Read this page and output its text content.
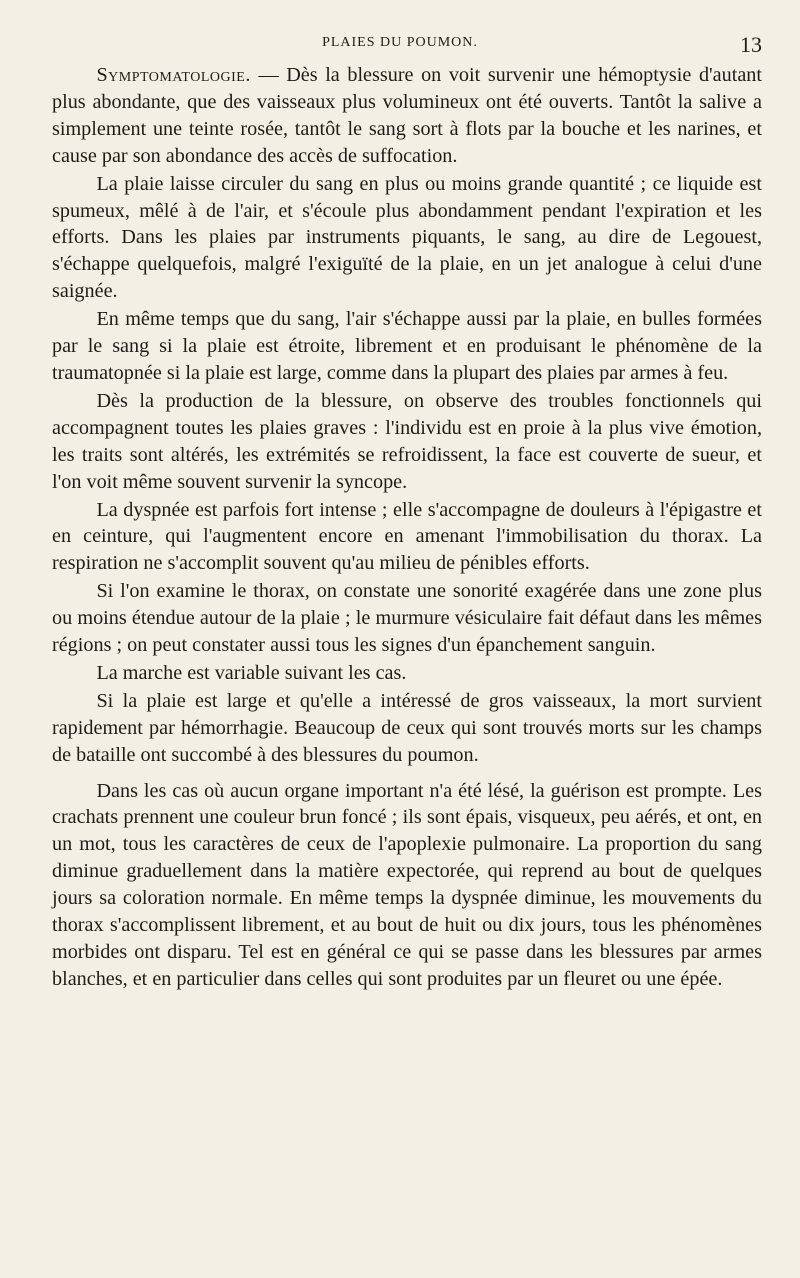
PLAIES DU POUMON.	13

Symptomatologie. — Dès la blessure on voit survenir une hémoptysie d'autant plus abondante, que des vaisseaux plus volumineux ont été ouverts. Tantôt la salive a simplement une teinte rosée, tantôt le sang sort à flots par la bouche et les narines, et cause par son abondance des accès de suffocation.

La plaie laisse circuler du sang en plus ou moins grande quantité ; ce liquide est spumeux, mêlé à de l'air, et s'écoule plus abondamment pendant l'expiration et les efforts. Dans les plaies par instruments piquants, le sang, au dire de Legouest, s'échappe quelquefois, malgré l'exiguïté de la plaie, en un jet analogue à celui d'une saignée.

En même temps que du sang, l'air s'échappe aussi par la plaie, en bulles formées par le sang si la plaie est étroite, librement et en produisant le phénomène de la traumatopnée si la plaie est large, comme dans la plupart des plaies par armes à feu.

Dès la production de la blessure, on observe des troubles fonctionnels qui accompagnent toutes les plaies graves : l'individu est en proie à la plus vive émotion, les traits sont altérés, les extrémités se refroidissent, la face est couverte de sueur, et l'on voit même souvent survenir la syncope.

La dyspnée est parfois fort intense ; elle s'accompagne de douleurs à l'épigastre et en ceinture, qui l'augmentent encore en amenant l'immobilisation du thorax. La respiration ne s'accomplit souvent qu'au milieu de pénibles efforts.

Si l'on examine le thorax, on constate une sonorité exagérée dans une zone plus ou moins étendue autour de la plaie ; le murmure vésiculaire fait défaut dans les mêmes régions ; on peut constater aussi tous les signes d'un épanchement sanguin.

La marche est variable suivant les cas.

Si la plaie est large et qu'elle a intéressé de gros vaisseaux, la mort survient rapidement par hémorrhagie. Beaucoup de ceux qui sont trouvés morts sur les champs de bataille ont succombé à des blessures du poumon.

Dans les cas où aucun organe important n'a été lésé, la guérison est prompte. Les crachats prennent une couleur brun foncé ; ils sont épais, visqueux, peu aérés, et ont, en un mot, tous les caractères de ceux de l'apoplexie pulmonaire. La proportion du sang diminue graduellement dans la matière expectorée, qui reprend au bout de quelques jours sa coloration normale. En même temps la dyspnée diminue, les mouvements du thorax s'accomplissent librement, et au bout de huit ou dix jours, tous les phénomènes morbides ont disparu. Tel est en général ce qui se passe dans les blessures par armes blanches, et en particulier dans celles qui sont produites par un fleuret ou une épée.
